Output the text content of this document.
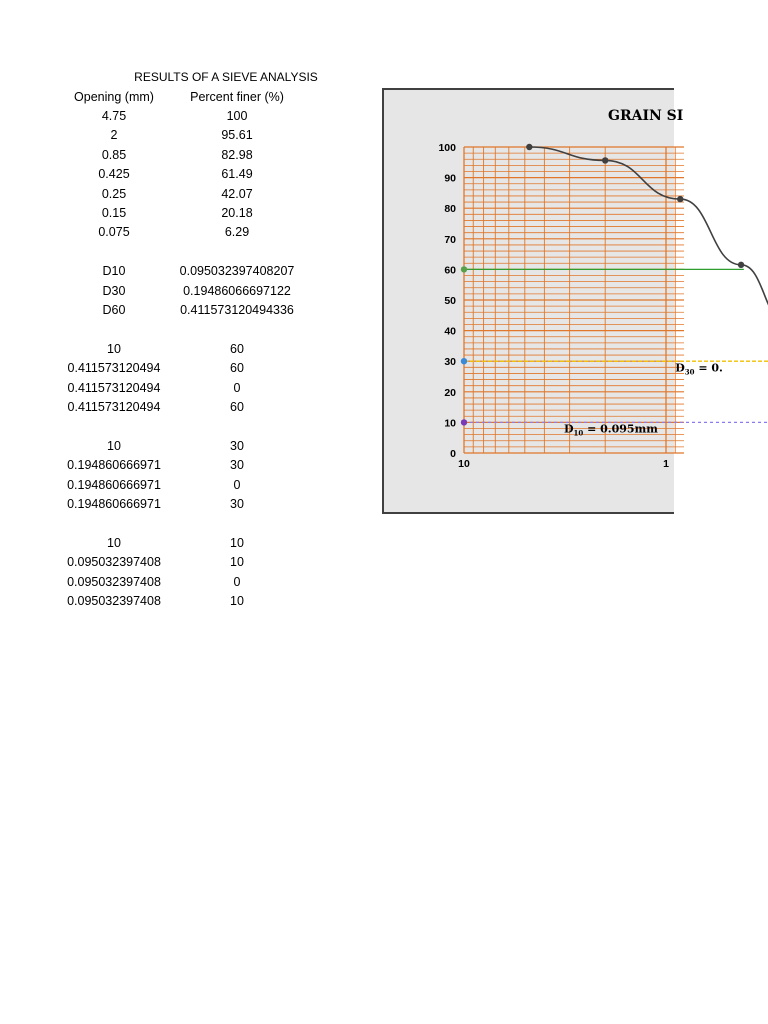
RESULTS OF A SIEVE ANALYSIS
Opening (mm)	Percent finer (%)
4.75	100
2	95.61
0.85	82.98
0.425	61.49
0.25	42.07
0.15	20.18
0.075	6.29
D10	0.095032397408207
D30	0.19486066697122
D60	0.411573120494336
10	60
0.411573120494	60
0.411573120494	0
0.411573120494	60
10	30
0.194860666971	30
0.194860666971	0
0.194860666971	30
10	10
0.095032397408	10
0.095032397408	0
0.095032397408	10
GRAIN SI
0
10
20
30
40
50
60
70
80
90
100
10	1
$D_{30} = 0$.
$D_{10} = 0.095mm$
